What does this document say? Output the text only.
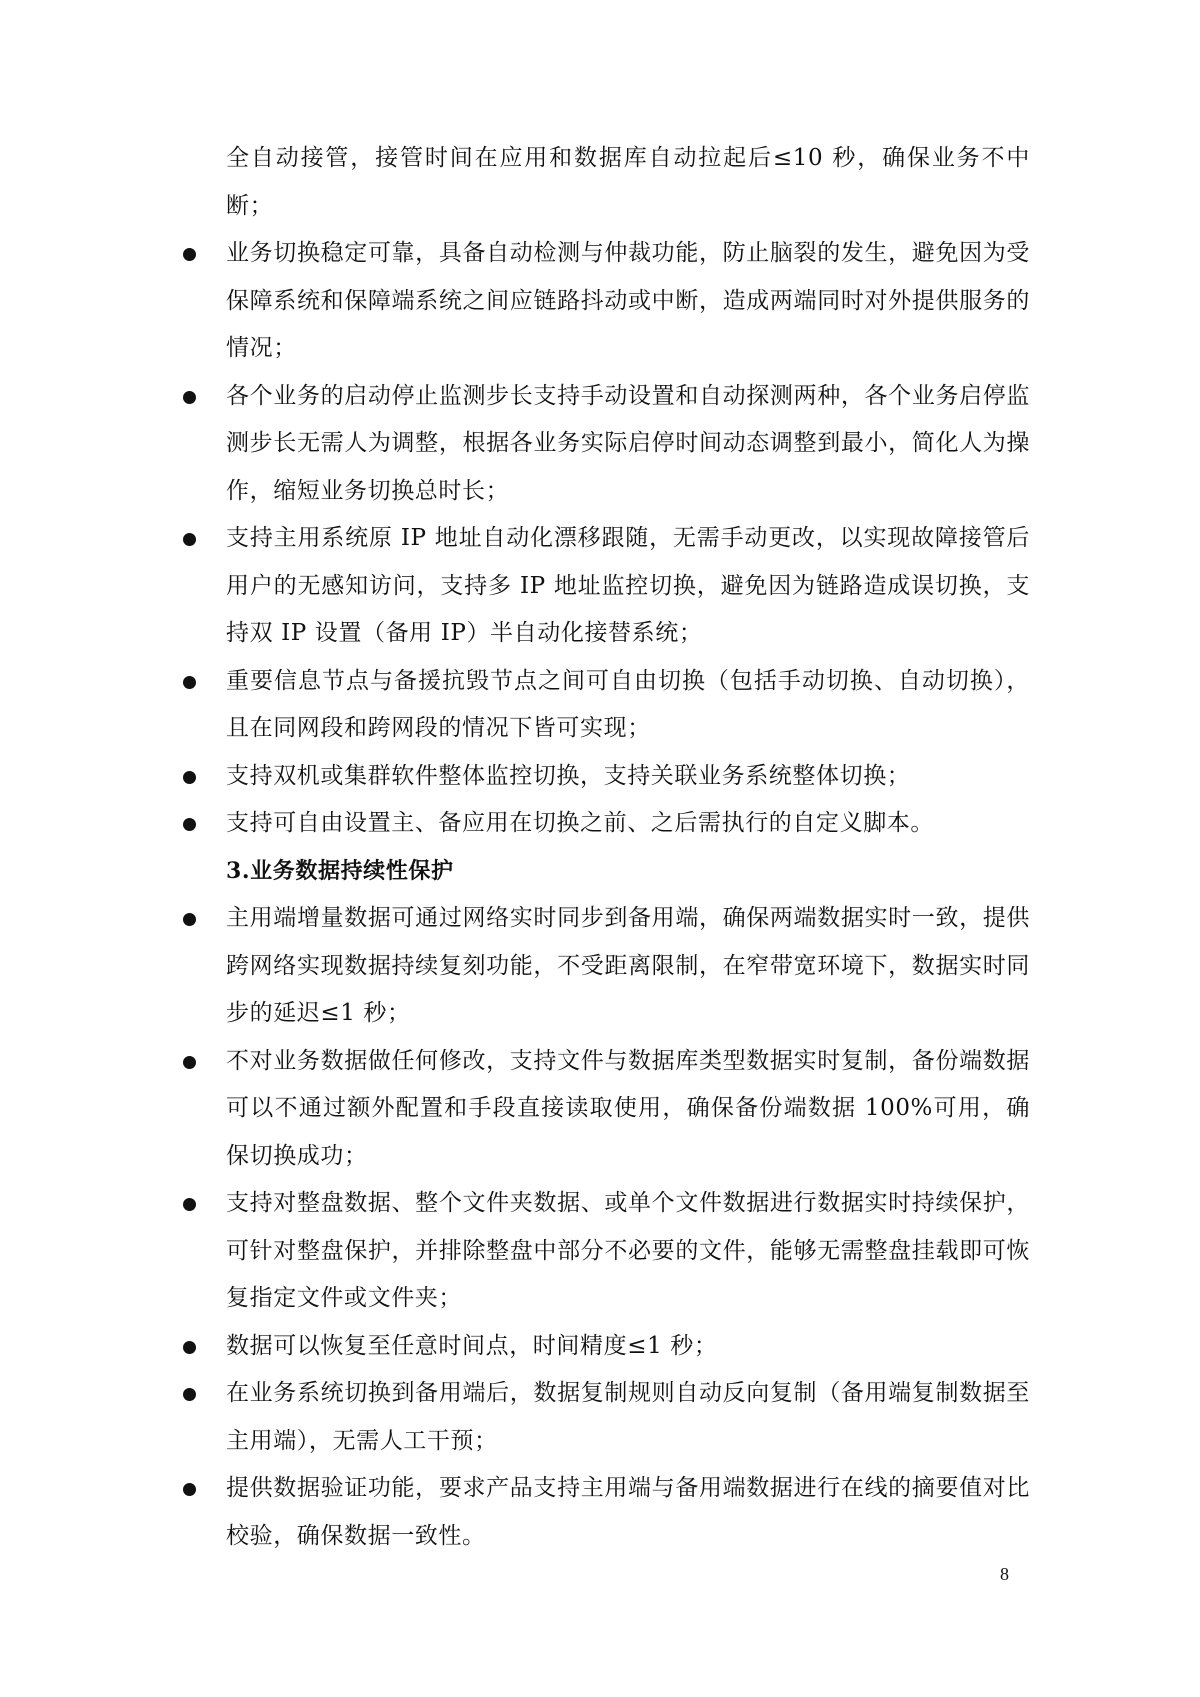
全自动接管，接管时间在应用和数据库自动拉起后≤10 秒，确保业务不中断；

业务切换稳定可靠，具备自动检测与仲裁功能，防止脑裂的发生，避免因为受保障系统和保障端系统之间应链路抖动或中断，造成两端同时对外提供服务的情况；

各个业务的启动停止监测步长支持手动设置和自动探测两种，各个业务启停监测步长无需人为调整，根据各业务实际启停时间动态调整到最小，简化人为操作，缩短业务切换总时长；

支持主用系统原 IP 地址自动化漂移跟随，无需手动更改，以实现故障接管后用户的无感知访问，支持多 IP 地址监控切换，避免因为链路造成误切换，支持双 IP 设置（备用 IP）半自动化接替系统；

重要信息节点与备援抗毁节点之间可自由切换（包括手动切换、自动切换），且在同网段和跨网段的情况下皆可实现；

支持双机或集群软件整体监控切换，支持关联业务系统整体切换；

支持可自由设置主、备应用在切换之前、之后需执行的自定义脚本。

3.业务数据持续性保护

主用端增量数据可通过网络实时同步到备用端，确保两端数据实时一致，提供跨网络实现数据持续复刻功能，不受距离限制，在窄带宽环境下，数据实时同步的延迟≤1 秒；

不对业务数据做任何修改，支持文件与数据库类型数据实时复制，备份端数据可以不通过额外配置和手段直接读取使用，确保备份端数据 100%可用，确保切换成功；

支持对整盘数据、整个文件夹数据、或单个文件数据进行数据实时持续保护，可针对整盘保护，并排除整盘中部分不必要的文件，能够无需整盘挂载即可恢复指定文件或文件夹；

数据可以恢复至任意时间点，时间精度≤1 秒；

在业务系统切换到备用端后，数据复制规则自动反向复制（备用端复制数据至主用端），无需人工干预；

提供数据验证功能，要求产品支持主用端与备用端数据进行在线的摘要值对比校验，确保数据一致性。

8
